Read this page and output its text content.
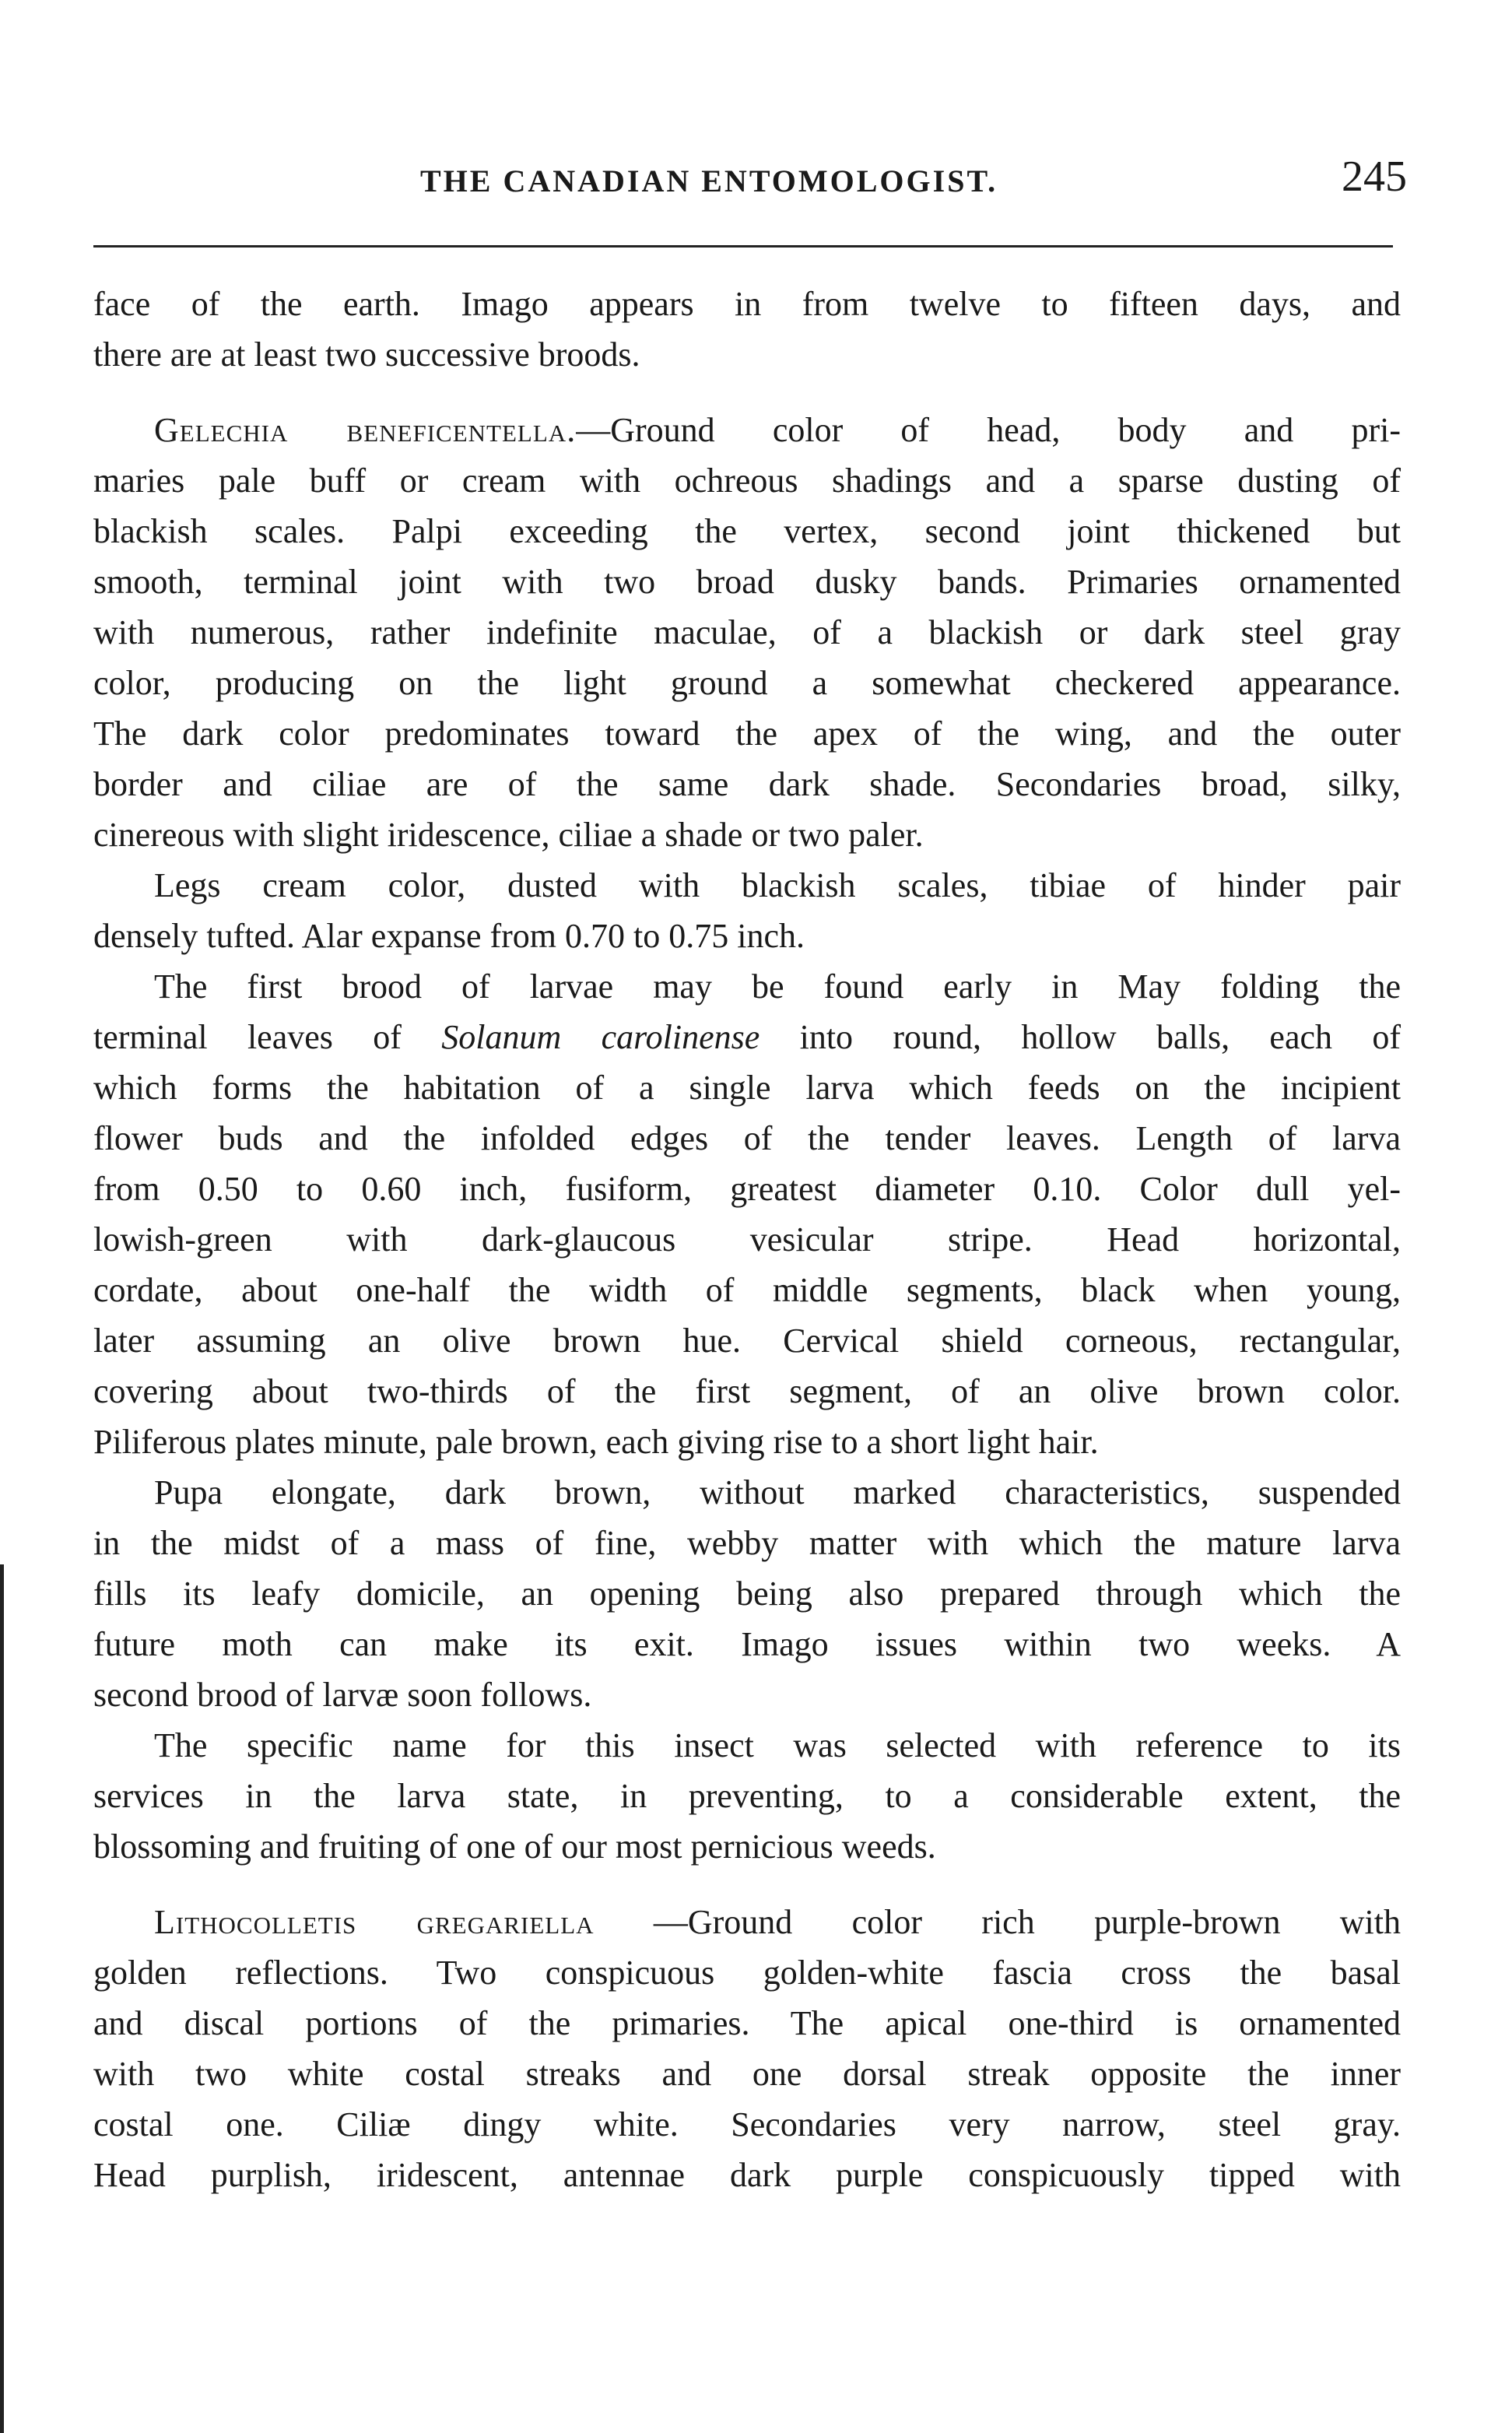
THE CANADIAN ENTOMOLOGIST.	245
face of the earth. Imago appears in from twelve to fifteen days, and
there are at least two successive broods.
Gelechia beneficentella.—Ground color of head, body and pri-
maries pale buff or cream with ochreous shadings and a sparse dusting of
blackish scales. Palpi exceeding the vertex, second joint thickened but
smooth, terminal joint with two broad dusky bands. Primaries ornamented
with numerous, rather indefinite maculae, of a blackish or dark steel gray
color, producing on the light ground a somewhat checkered appearance.
The dark color predominates toward the apex of the wing, and the outer
border and ciliae are of the same dark shade. Secondaries broad, silky,
cinereous with slight iridescence, ciliae a shade or two paler.
Legs cream color, dusted with blackish scales, tibiae of hinder pair
densely tufted. Alar expanse from 0.70 to 0.75 inch.
The first brood of larvae may be found early in May folding the
terminal leaves of Solanum carolinense into round, hollow balls, each of
which forms the habitation of a single larva which feeds on the incipient
flower buds and the infolded edges of the tender leaves. Length of larva
from 0.50 to 0.60 inch, fusiform, greatest diameter 0.10. Color dull yel-
lowish-green with dark-glaucous vesicular stripe. Head horizontal,
cordate, about one-half the width of middle segments, black when young,
later assuming an olive brown hue. Cervical shield corneous, rectangular,
covering about two-thirds of the first segment, of an olive brown color.
Piliferous plates minute, pale brown, each giving rise to a short light hair.
Pupa elongate, dark brown, without marked characteristics, suspended
in the midst of a mass of fine, webby matter with which the mature larva
fills its leafy domicile, an opening being also prepared through which the
future moth can make its exit. Imago issues within two weeks. A
second brood of larvæ soon follows.
The specific name for this insect was selected with reference to its
services in the larva state, in preventing, to a considerable extent, the
blossoming and fruiting of one of our most pernicious weeds.
Lithocolletis gregariella —Ground color rich purple-brown with
golden reflections. Two conspicuous golden-white fascia cross the basal
and discal portions of the primaries. The apical one-third is ornamented
with two white costal streaks and one dorsal streak opposite the inner
costal one. Ciliæ dingy white. Secondaries very narrow, steel gray.
Head purplish, iridescent, antennae dark purple conspicuously tipped with
